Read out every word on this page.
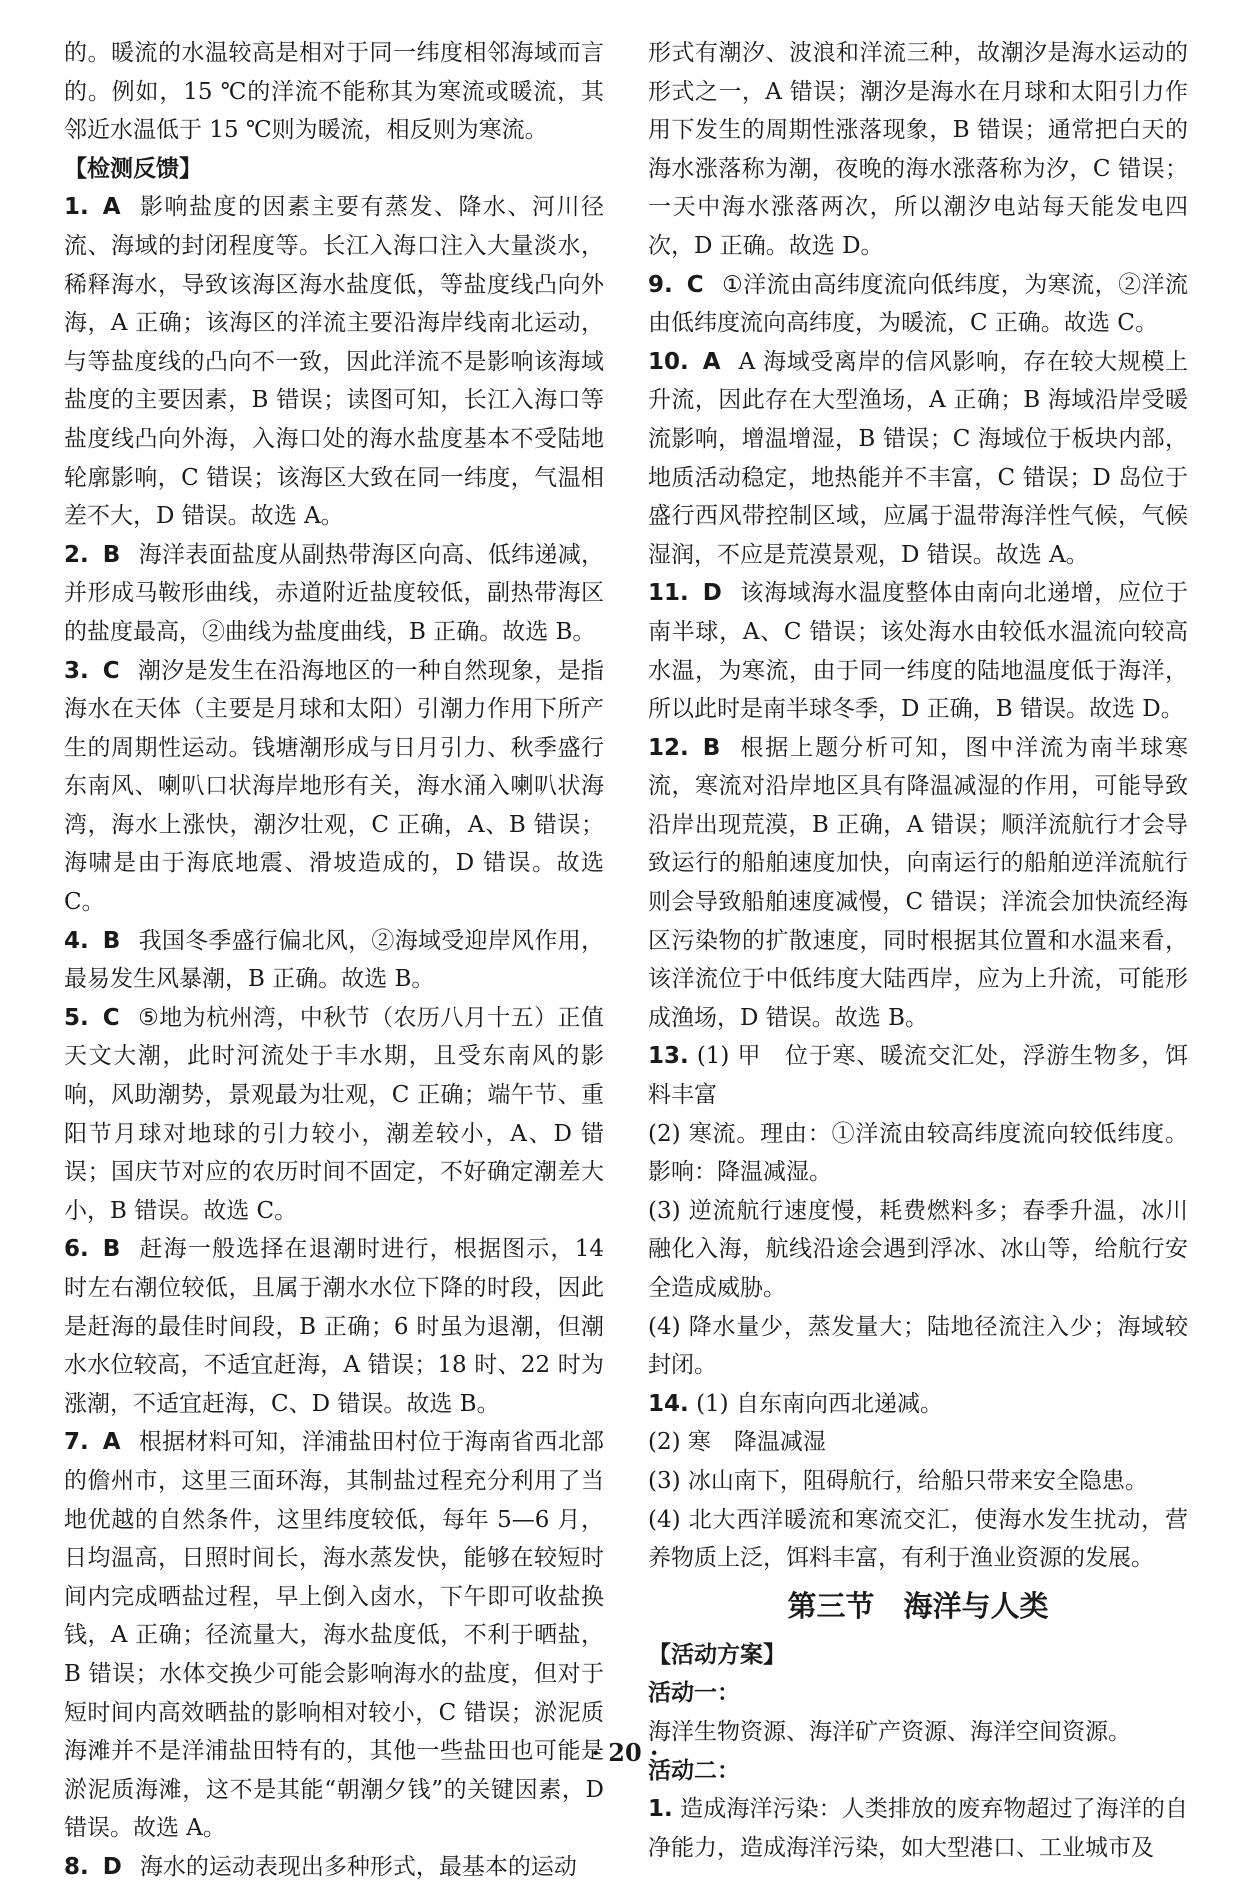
的。暖流的水温较高是相对于同一纬度相邻海域而言的。例如，15 ℃的洋流不能称其为寒流或暖流，其邻近水温低于 15 ℃则为暖流，相反则为寒流。

【检测反馈】

1. A 影响盐度的因素主要有蒸发、降水、河川径流、海域的封闭程度等。长江入海口注入大量淡水，稀释海水，导致该海区海水盐度低，等盐度线凸向外海，A 正确；该海区的洋流主要沿海岸线南北运动，与等盐度线的凸向不一致，因此洋流不是影响该海域盐度的主要因素，B 错误；读图可知，长江入海口等盐度线凸向外海，入海口处的海水盐度基本不受陆地轮廓影响，C 错误；该海区大致在同一纬度，气温相差不大，D 错误。故选 A。

2. B 海洋表面盐度从副热带海区向高、低纬递减，并形成马鞍形曲线，赤道附近盐度较低，副热带海区的盐度最高，②曲线为盐度曲线，B 正确。故选 B。

3. C 潮汐是发生在沿海地区的一种自然现象，是指海水在天体（主要是月球和太阳）引潮力作用下所产生的周期性运动。钱塘潮形成与日月引力、秋季盛行东南风、喇叭口状海岸地形有关，海水涌入喇叭状海湾，海水上涨快，潮汐壮观，C 正确，A、B 错误；海啸是由于海底地震、滑坡造成的，D 错误。故选 C。

4. B 我国冬季盛行偏北风，②海域受迎岸风作用，最易发生风暴潮，B 正确。故选 B。

5. C ⑤地为杭州湾，中秋节（农历八月十五）正值天文大潮，此时河流处于丰水期，且受东南风的影响，风助潮势，景观最为壮观，C 正确；端午节、重阳节月球对地球的引力较小，潮差较小，A、D 错误；国庆节对应的农历时间不固定，不好确定潮差大小，B 错误。故选 C。

6. B 赶海一般选择在退潮时进行，根据图示，14 时左右潮位较低，且属于潮水水位下降的时段，因此是赶海的最佳时间段，B 正确；6 时虽为退潮，但潮水水位较高，不适宜赶海，A 错误；18 时、22 时为涨潮，不适宜赶海，C、D 错误。故选 B。

7. A 根据材料可知，洋浦盐田村位于海南省西北部的儋州市，这里三面环海，其制盐过程充分利用了当地优越的自然条件，这里纬度较低，每年 5—6 月，日均温高，日照时间长，海水蒸发快，能够在较短时间内完成晒盐过程，早上倒入卤水，下午即可收盐换钱，A 正确；径流量大，海水盐度低，不利于晒盐，B 错误；水体交换少可能会影响海水的盐度，但对于短时间内高效晒盐的影响相对较小，C 错误；淤泥质海滩并不是洋浦盐田特有的，其他一些盐田也可能是淤泥质海滩，这不是其能“朝潮夕钱”的关键因素，D 错误。故选 A。

8. D 海水的运动表现出多种形式，最基本的运动

形式有潮汐、波浪和洋流三种，故潮汐是海水运动的形式之一，A 错误；潮汐是海水在月球和太阳引力作用下发生的周期性涨落现象，B 错误；通常把白天的海水涨落称为潮，夜晚的海水涨落称为汐，C 错误；一天中海水涨落两次，所以潮汐电站每天能发电四次，D 正确。故选 D。

9. C ①洋流由高纬度流向低纬度，为寒流，②洋流由低纬度流向高纬度，为暖流，C 正确。故选 C。

10. A A 海域受离岸的信风影响，存在较大规模上升流，因此存在大型渔场，A 正确；B 海域沿岸受暖流影响，增温增湿，B 错误；C 海域位于板块内部，地质活动稳定，地热能并不丰富，C 错误；D 岛位于盛行西风带控制区域，应属于温带海洋性气候，气候湿润，不应是荒漠景观，D 错误。故选 A。

11. D 该海域海水温度整体由南向北递增，应位于南半球，A、C 错误；该处海水由较低水温流向较高水温，为寒流，由于同一纬度的陆地温度低于海洋，所以此时是南半球冬季，D 正确，B 错误。故选 D。

12. B 根据上题分析可知，图中洋流为南半球寒流，寒流对沿岸地区具有降温减湿的作用，可能导致沿岸出现荒漠，B 正确，A 错误；顺洋流航行才会导致运行的船舶速度加快，向南运行的船舶逆洋流航行则会导致船舶速度减慢，C 错误；洋流会加快流经海区污染物的扩散速度，同时根据其位置和水温来看，该洋流位于中低纬度大陆西岸，应为上升流，可能形成渔场，D 错误。故选 B。

13. (1) 甲　位于寒、暖流交汇处，浮游生物多，饵料丰富

(2) 寒流。理由：①洋流由较高纬度流向较低纬度。影响：降温减湿。

(3) 逆流航行速度慢，耗费燃料多；春季升温，冰川融化入海，航线沿途会遇到浮冰、冰山等，给航行安全造成威胁。

(4) 降水量少，蒸发量大；陆地径流注入少；海域较封闭。

14. (1) 自东南向西北递减。

(2) 寒　降温减湿

(3) 冰山南下，阻碍航行，给船只带来安全隐患。

(4) 北大西洋暖流和寒流交汇，使海水发生扰动，营养物质上泛，饵料丰富，有利于渔业资源的发展。

第三节　海洋与人类

【活动方案】

活动一：

海洋生物资源、海洋矿产资源、海洋空间资源。

活动二：

1. 造成海洋污染：人类排放的废弃物超过了海洋的自净能力，造成海洋污染，如大型港口、工业城市及

· 20 ·
